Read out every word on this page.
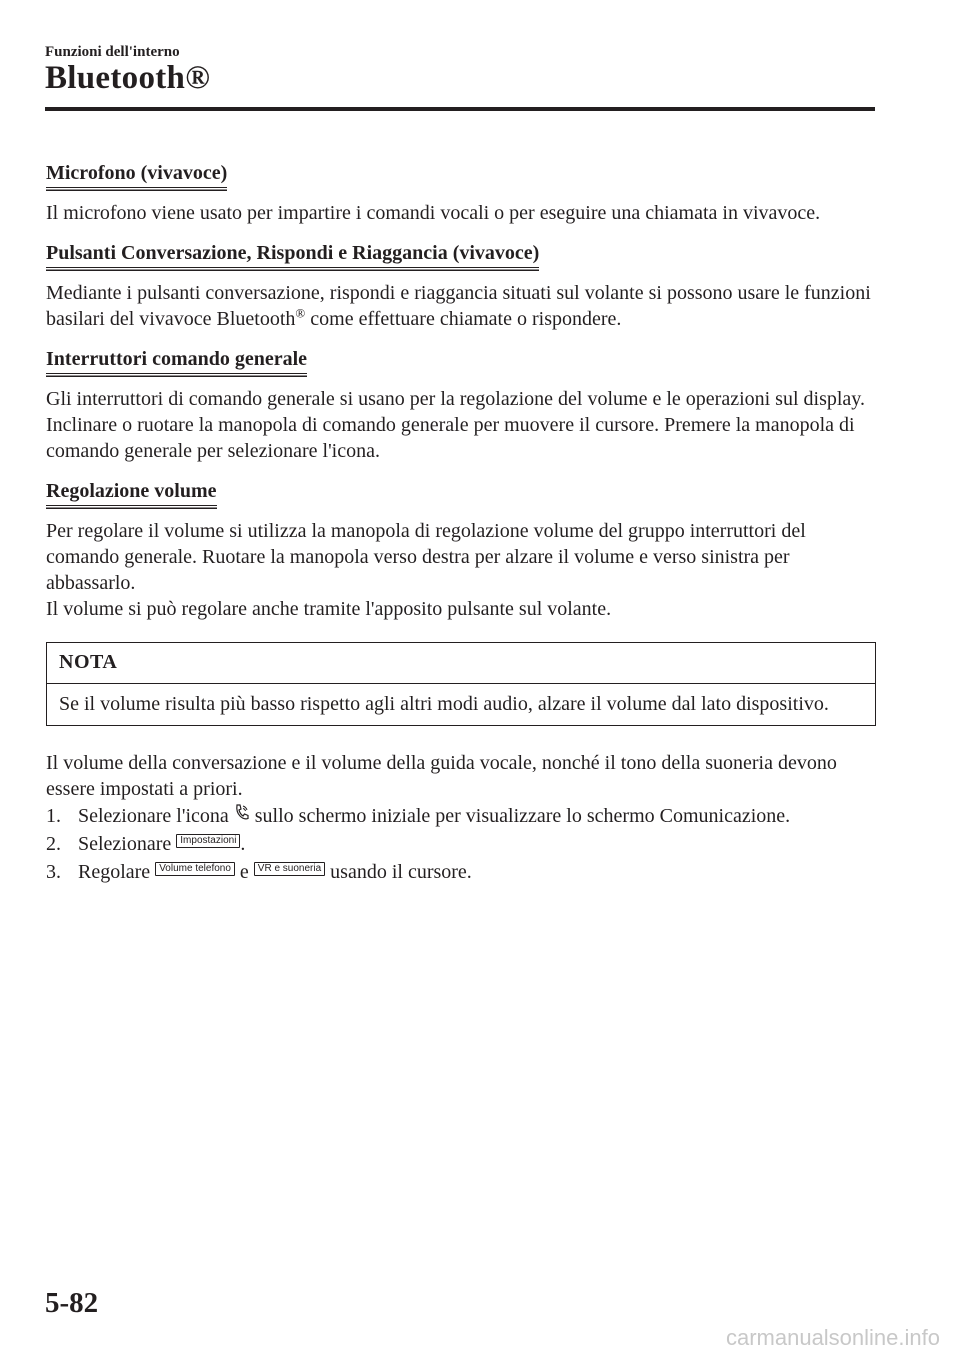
Funzioni dell'interno
Bluetooth®
Microfono (vivavoce)

Il microfono viene usato per impartire i comandi vocali o per eseguire una chiamata in vivavoce.

Pulsanti Conversazione, Rispondi e Riaggancia (vivavoce)

Mediante i pulsanti conversazione, rispondi e riaggancia situati sul volante si possono usare le funzioni basilari del vivavoce Bluetooth® come effettuare chiamate o rispondere.

Interruttori comando generale

Gli interruttori di comando generale si usano per la regolazione del volume e le operazioni sul display. Inclinare o ruotare la manopola di comando generale per muovere il cursore. Premere la manopola di comando generale per selezionare l'icona.

Regolazione volume

Per regolare il volume si utilizza la manopola di regolazione volume del gruppo interruttori del comando generale. Ruotare la manopola verso destra per alzare il volume e verso sinistra per abbassarlo.

Il volume si può regolare anche tramite l'apposito pulsante sul volante.

NOTA
Se il volume risulta più basso rispetto agli altri modi audio, alzare il volume dal lato dispositivo.

Il volume della conversazione e il volume della guida vocale, nonché il tono della suoneria devono essere impostati a priori.

1. Selezionare l'icona  sullo schermo iniziale per visualizzare lo schermo Comunicazione.
2. Selezionare Impostazioni .
3. Regolare Volume telefono e VR e suoneria usando il cursore.
5-82
carmanualsonline.info
